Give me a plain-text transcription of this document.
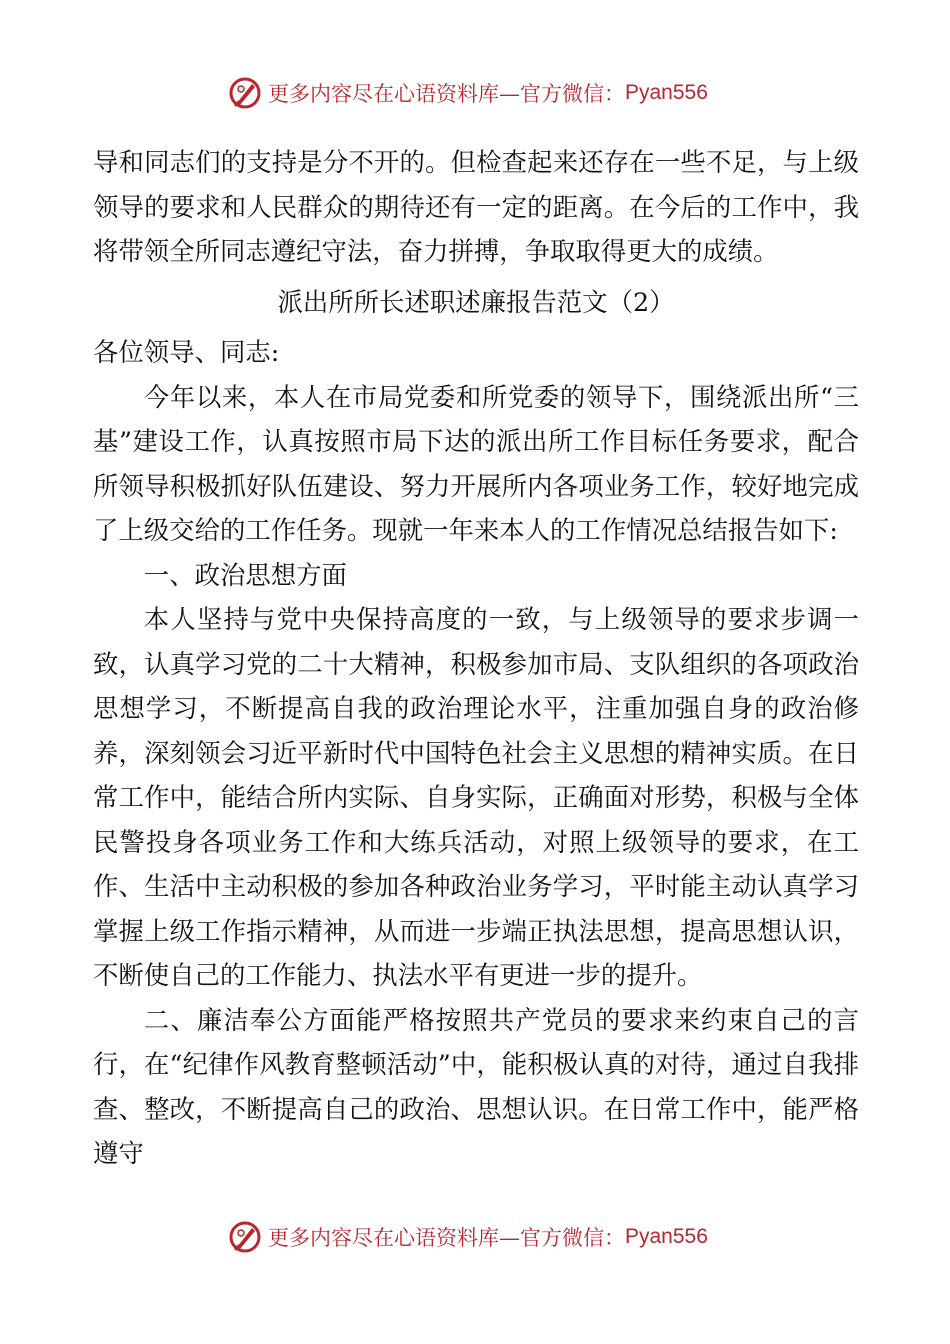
更多内容尽在心语资料库—官方微信： Pyan556

导和同志们的支持是分不开的。但检查起来还存在一些不足，与上级领导的要求和人民群众的期待还有一定的距离。在今后的工作中，我将带领全所同志遵纪守法，奋力拼搏，争取取得更大的成绩。

派出所所长述职述廉报告范文（2）

各位领导、同志:

今年以来，本人在市局党委和所党委的领导下，围绕派出所“三基”建设工作，认真按照市局下达的派出所工作目标任务要求，配合所领导积极抓好队伍建设、努力开展所内各项业务工作，较好地完成了上级交给的工作任务。现就一年来本人的工作情况总结报告如下:

一、政治思想方面

本人坚持与党中央保持高度的一致，与上级领导的要求步调一致，认真学习党的二十大精神，积极参加市局、支队组织的各项政治思想学习，不断提高自我的政治理论水平，注重加强自身的政治修养，深刻领会习近平新时代中国特色社会主义思想的精神实质。在日常工作中，能结合所内实际、自身实际，正确面对形势，积极与全体民警投身各项业务工作和大练兵活动，对照上级领导的要求，在工作、生活中主动积极的参加各种政治业务学习，平时能主动认真学习掌握上级工作指示精神，从而进一步端正执法思想，提高思想认识，不断使自己的工作能力、执法水平有更进一步的提升。

二、廉洁奉公方面能严格按照共产党员的要求来约束自己的言行，在“纪律作风教育整顿活动”中，能积极认真的对待，通过自我排查、整改，不断提高自己的政治、思想认识。在日常工作中，能严格遵守

更多内容尽在心语资料库—官方微信： Pyan556
